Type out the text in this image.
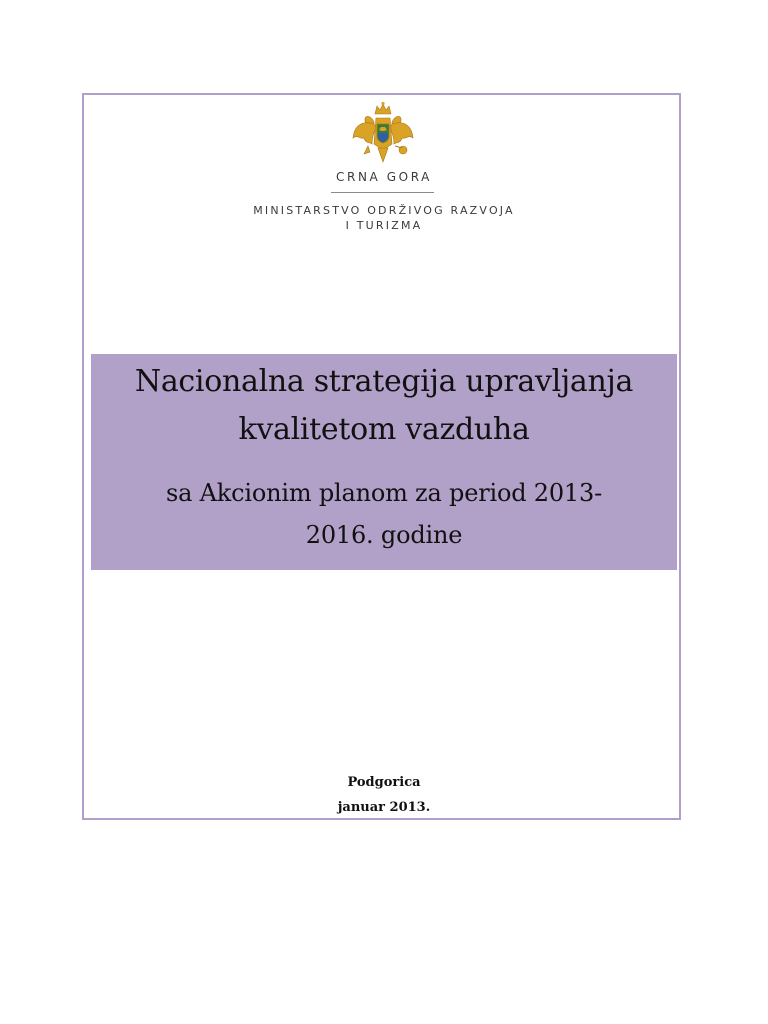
CRNA GORA
MINISTARSTVO ODRŽIVOG RAZVOJA
I TURIZMA
Nacionalna strategija upravljanja
kvalitetom vazduha
sa Akcionim planom za period 2013-
2016. godine
Podgorica
januar 2013.
